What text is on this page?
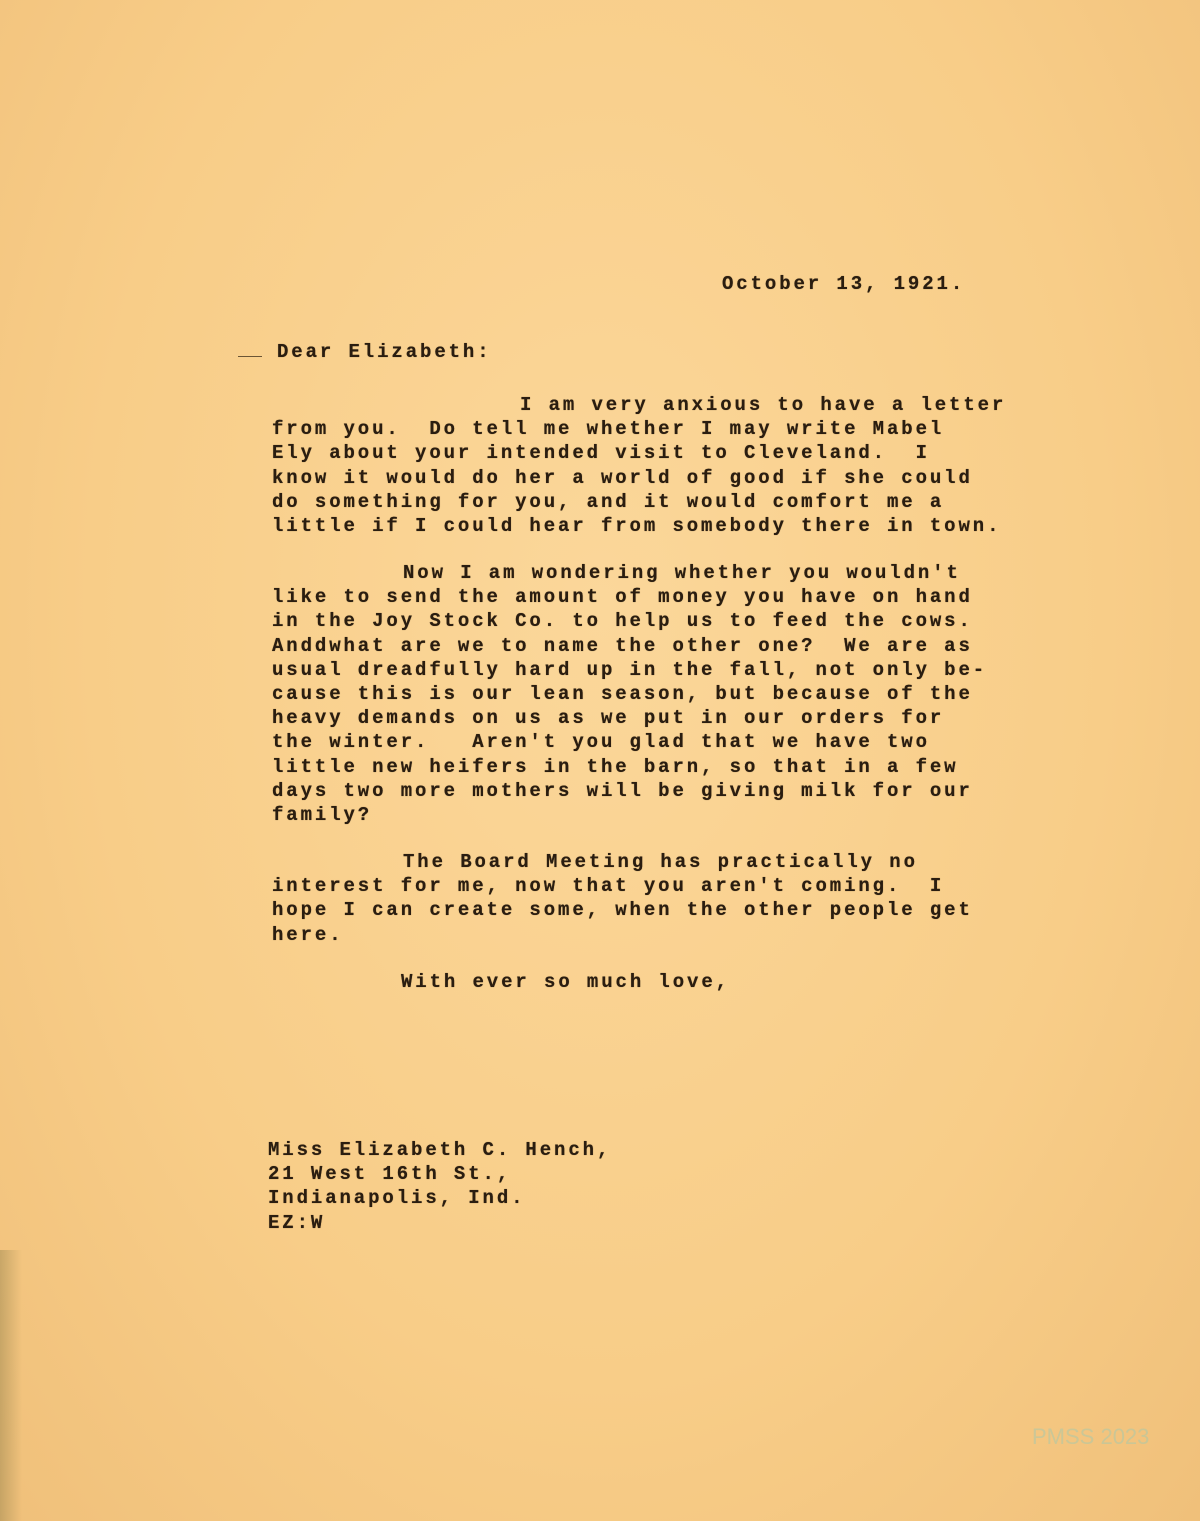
October 13, 1921.
Dear Elizabeth:
I am very anxious to have a letter
from you.  Do tell me whether I may write Mabel
Ely about your intended visit to Cleveland.  I
know it would do her a world of good if she could
do something for you, and it would comfort me a
little if I could hear from somebody there in town.
Now I am wondering whether you wouldn't
like to send the amount of money you have on hand
in the Joy Stock Co. to help us to feed the cows.
Anddwhat are we to name the other one?  We are as
usual dreadfully hard up in the fall, not only be-
cause this is our lean season, but because of the
heavy demands on us as we put in our orders for
the winter.   Aren't you glad that we have two
little new heifers in the barn, so that in a few
days two more mothers will be giving milk for our
family?
The Board Meeting has practically no
interest for me, now that you aren't coming.  I
hope I can create some, when the other people get
here.
With ever so much love,
Miss Elizabeth C. Hench,
21 West 16th St.,
Indianapolis, Ind.
EZ:W
PMSS 2023
